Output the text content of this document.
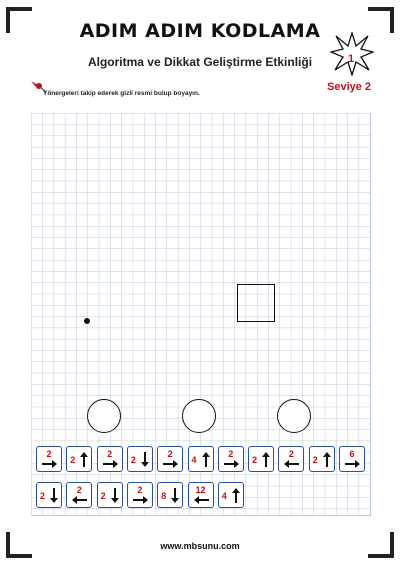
ADIM ADIM KODLAMA
Algoritma ve Dikkat Geliştirme Etkinliği	1
Seviye 2
Yönergeleri takip ederek gizli resmi bulup boyayın.
2
2
2
2
2
4
2
2
2
2
6
2
2
2
2
8
12
4
www.mbsunu.com
